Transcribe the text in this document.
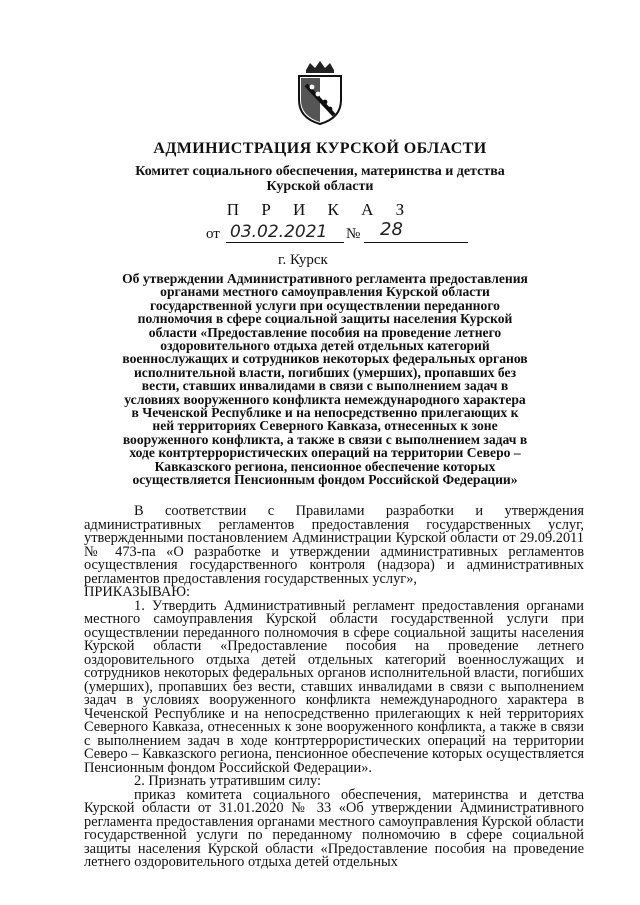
АДМИНИСТРАЦИЯ КУРСКОЙ ОБЛАСТИ
Комитет социального обеспечения, материнства и детства
Курской области
П Р И К А З
от 03.02.2021 № 28
г. Курск
Об утверждении Административного регламента предоставления органами местного самоуправления Курской области государственной услуги при осуществлении переданного полномочия в сфере социальной защиты населения Курской области «Предоставление пособия на проведение летнего оздоровительного отдыха детей отдельных категорий военнослужащих и сотрудников некоторых федеральных органов исполнительной власти, погибших (умерших), пропавших без вести, ставших инвалидами в связи с выполнением задач в условиях вооруженного конфликта немеждународного характера в Чеченской Республике и на непосредственно прилегающих к ней территориях Северного Кавказа, отнесенных к зоне вооруженного конфликта, а также в связи с выполнением задач в ходе контртеррористических операций на территории Северо – Кавказского региона, пенсионное обеспечение которых осуществляется Пенсионным фондом Российской Федерации»

В соответствии с Правилами разработки и утверждения административных регламентов предоставления государственных услуг, утвержденными постановлением Администрации Курской области от 29.09.2011 № 473-па «О разработке и утверждении административных регламентов осуществления государственного контроля (надзора) и административных регламентов предоставления государственных услуг»,

ПРИКАЗЫВАЮ:

1. Утвердить Административный регламент предоставления органами местного самоуправления Курской области государственной услуги при осуществлении переданного полномочия в сфере социальной защиты населения Курской области «Предоставление пособия на проведение летнего оздоровительного отдыха детей отдельных категорий военнослужащих и сотрудников некоторых федеральных органов исполнительной власти, погибших (умерших), пропавших без вести, ставших инвалидами в связи с выполнением задач в условиях вооруженного конфликта немеждународного характера в Чеченской Республике и на непосредственно прилегающих к ней территориях Северного Кавказа, отнесенных к зоне вооруженного конфликта, а также в связи с выполнением задач в ходе контртеррористических операций на территории Северо – Кавказского региона, пенсионное обеспечение которых осуществляется Пенсионным фондом Российской Федерации».

2. Признать утратившим силу:

приказ комитета социального обеспечения, материнства и детства Курской области от 31.01.2020 № 33 «Об утверждении Административного регламента предоставления органами местного самоуправления Курской области государственной услуги по переданному полномочию в сфере социальной защиты населения Курской области «Предоставление пособия на проведение летнего оздоровительного отдыха детей отдельных
